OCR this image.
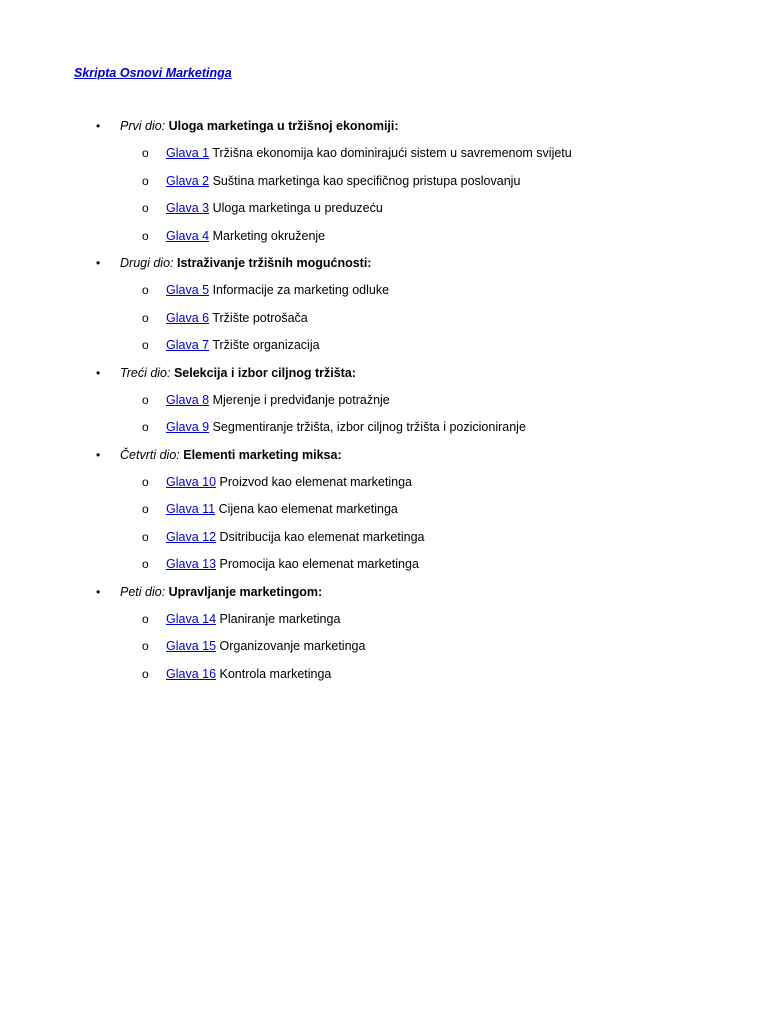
Skripta Osnovi Marketinga
• Prvi dio: Uloga marketinga u tržišnoj ekonomiji:
o Glava 1 Tržišna ekonomija kao dominirajući sistem u savremenom svijetu
o Glava 2 Suština marketinga kao specifičnog pristupa poslovanju
o Glava 3 Uloga marketinga u preduzeću
o Glava 4 Marketing okruženje
• Drugi dio: Istraživanje tržišnih mogućnosti:
o Glava 5 Informacije za marketing odluke
o Glava 6 Tržište potrošača
o Glava 7 Tržište organizacija
• Treći dio: Selekcija i izbor ciljnog tržišta:
o Glava 8 Mjerenje i predviđanje potražnje
o Glava 9 Segmentiranje tržišta, izbor ciljnog tržišta i pozicioniranje
• Četvrti dio: Elementi marketing miksa:
o Glava 10 Proizvod kao elemenat marketinga
o Glava 11 Cijena kao elemenat marketinga
o Glava 12 Dsitribucija kao elemenat marketinga
o Glava 13 Promocija kao elemenat marketinga
• Peti dio: Upravljanje marketingom:
o Glava 14 Planiranje marketinga
o Glava 15 Organizovanje marketinga
o Glava 16 Kontrola marketinga
